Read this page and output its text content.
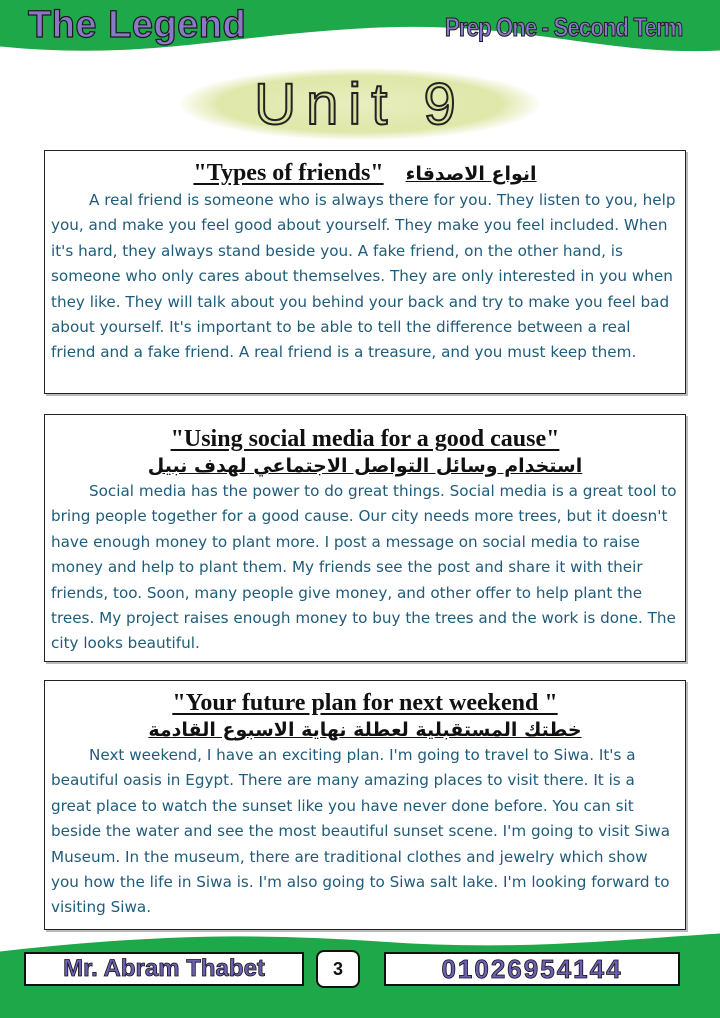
The Legend	Prep One - Second Term
Unit 9
"Types of friends" انواع الاصدقاء

A real friend is someone who is always there for you. They listen to you, help you, and make you feel good about yourself. They make you feel included. When it's hard, they always stand beside you. A fake friend, on the other hand, is someone who only cares about themselves. They are only interested in you when they like. They will talk about you behind your back and try to make you feel bad about yourself. It's important to be able to tell the difference between a real friend and a fake friend. A real friend is a treasure, and you must keep them.

"Using social media for a good cause"
استخدام وسائل التواصل الاجتماعي لهدف نبيل

Social media has the power to do great things. Social media is a great tool to bring people together for a good cause. Our city needs more trees, but it doesn't have enough money to plant more. I post a message on social media to raise money and help to plant them. My friends see the post and share it with their friends, too. Soon, many people give money, and other offer to help plant the trees. My project raises enough money to buy the trees and the work is done. The city looks beautiful.

"Your future plan for next weekend "
خطتك المستقبلية لعطلة نهاية الاسبوع القادمة

Next weekend, I have an exciting plan. I'm going to travel to Siwa. It's a beautiful oasis in Egypt. There are many amazing places to visit there. It is a great place to watch the sunset like you have never done before. You can sit beside the water and see the most beautiful sunset scene. I'm going to visit Siwa Museum. In the museum, there are traditional clothes and jewelry which show you how the life in Siwa is. I'm also going to Siwa salt lake. I'm looking forward to visiting Siwa.

Mr. Abram Thabet	3	01026954144
